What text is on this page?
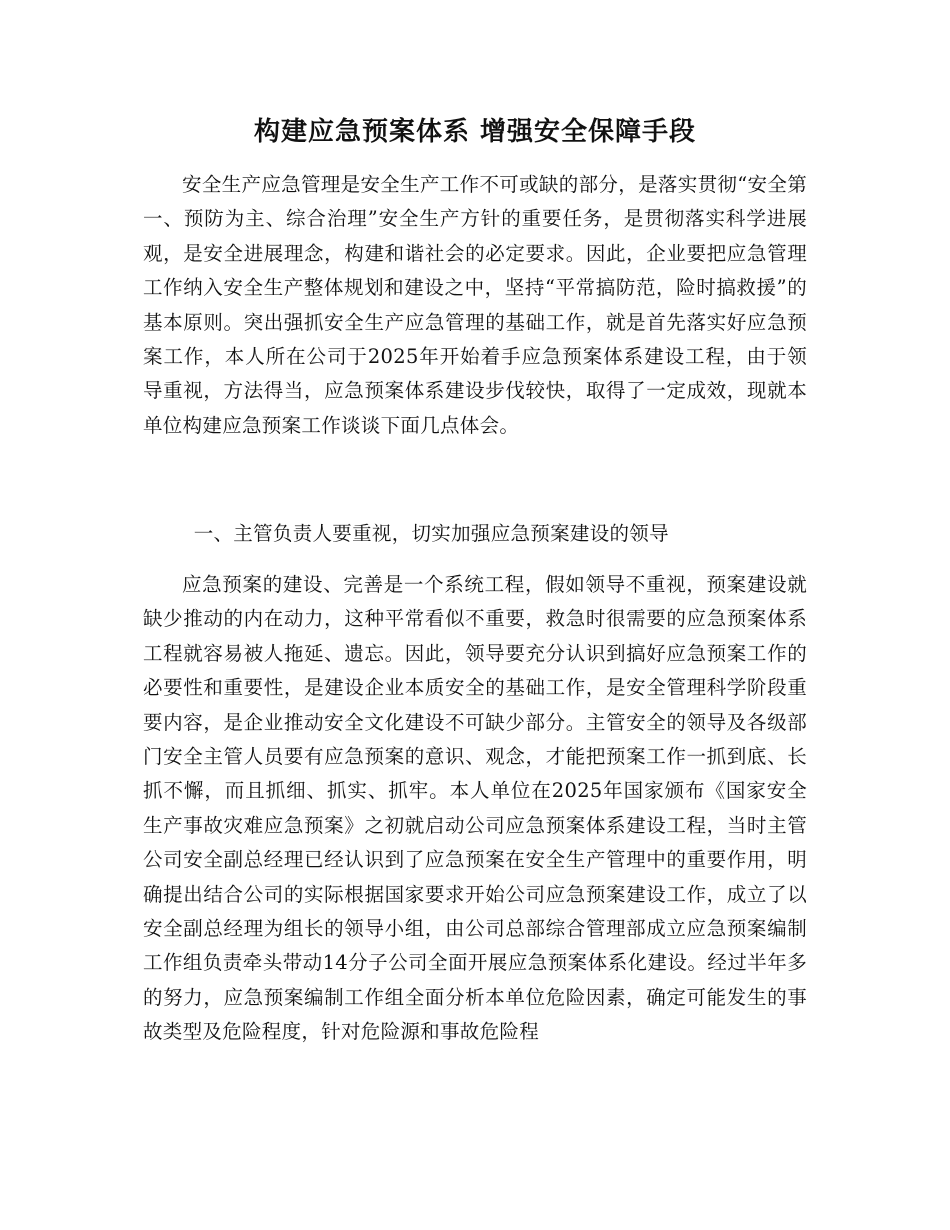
构建应急预案体系 增强安全保障手段

安全生产应急管理是安全生产工作不可或缺的部分，是落实贯彻“安全第一、预防为主、综合治理”安全生产方针的重要任务，是贯彻落实科学进展观，是安全进展理念，构建和谐社会的必定要求。因此，企业要把应急管理工作纳入安全生产整体规划和建设之中，坚持“平常搞防范，险时搞救援”的基本原则。突出强抓安全生产应急管理的基础工作，就是首先落实好应急预案工作，本人所在公司于2025年开始着手应急预案体系建设工程，由于领导重视，方法得当，应急预案体系建设步伐较快，取得了一定成效，现就本单位构建应急预案工作谈谈下面几点体会。

一、主管负责人要重视，切实加强应急预案建设的领导

应急预案的建设、完善是一个系统工程，假如领导不重视，预案建设就缺少推动的内在动力，这种平常看似不重要，救急时很需要的应急预案体系工程就容易被人拖延、遗忘。因此，领导要充分认识到搞好应急预案工作的必要性和重要性，是建设企业本质安全的基础工作，是安全管理科学阶段重要内容，是企业推动安全文化建设不可缺少部分。主管安全的领导及各级部门安全主管人员要有应急预案的意识、观念，才能把预案工作一抓到底、长抓不懈，而且抓细、抓实、抓牢。本人单位在2025年国家颁布《国家安全生产事故灾难应急预案》之初就启动公司应急预案体系建设工程，当时主管公司安全副总经理已经认识到了应急预案在安全生产管理中的重要作用，明确提出结合公司的实际根据国家要求开始公司应急预案建设工作，成立了以安全副总经理为组长的领导小组，由公司总部综合管理部成立应急预案编制工作组负责牵头带动14分子公司全面开展应急预案体系化建设。经过半年多的努力，应急预案编制工作组全面分析本单位危险因素，确定可能发生的事故类型及危险程度，针对危险源和事故危险程
